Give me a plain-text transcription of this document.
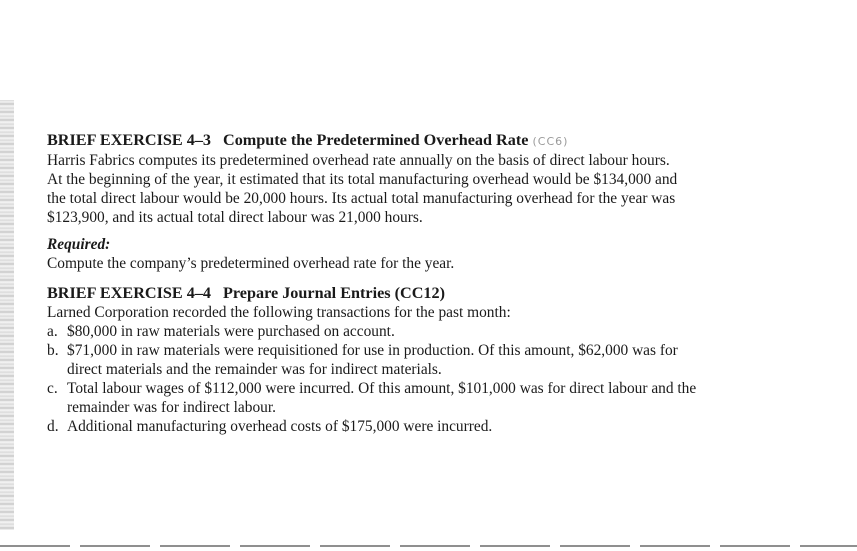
BRIEF EXERCISE 4–3 Compute the Predetermined Overhead Rate (CC6)

Harris Fabrics computes its predetermined overhead rate annually on the basis of direct labour hours.
At the beginning of the year, it estimated that its total manufacturing overhead would be $134,000 and
the total direct labour would be 20,000 hours. Its actual total manufacturing overhead for the year was
$123,900, and its actual total direct labour was 21,000 hours.

Required:

Compute the company’s predetermined overhead rate for the year.

BRIEF EXERCISE 4–4 Prepare Journal Entries (CC12)

Larned Corporation recorded the following transactions for the past month:

a. $80,000 in raw materials were purchased on account.
b. $71,000 in raw materials were requisitioned for use in production. Of this amount, $62,000 was for
direct materials and the remainder was for indirect materials.
c. Total labour wages of $112,000 were incurred. Of this amount, $101,000 was for direct labour and the
remainder was for indirect labour.
d. Additional manufacturing overhead costs of $175,000 were incurred.
